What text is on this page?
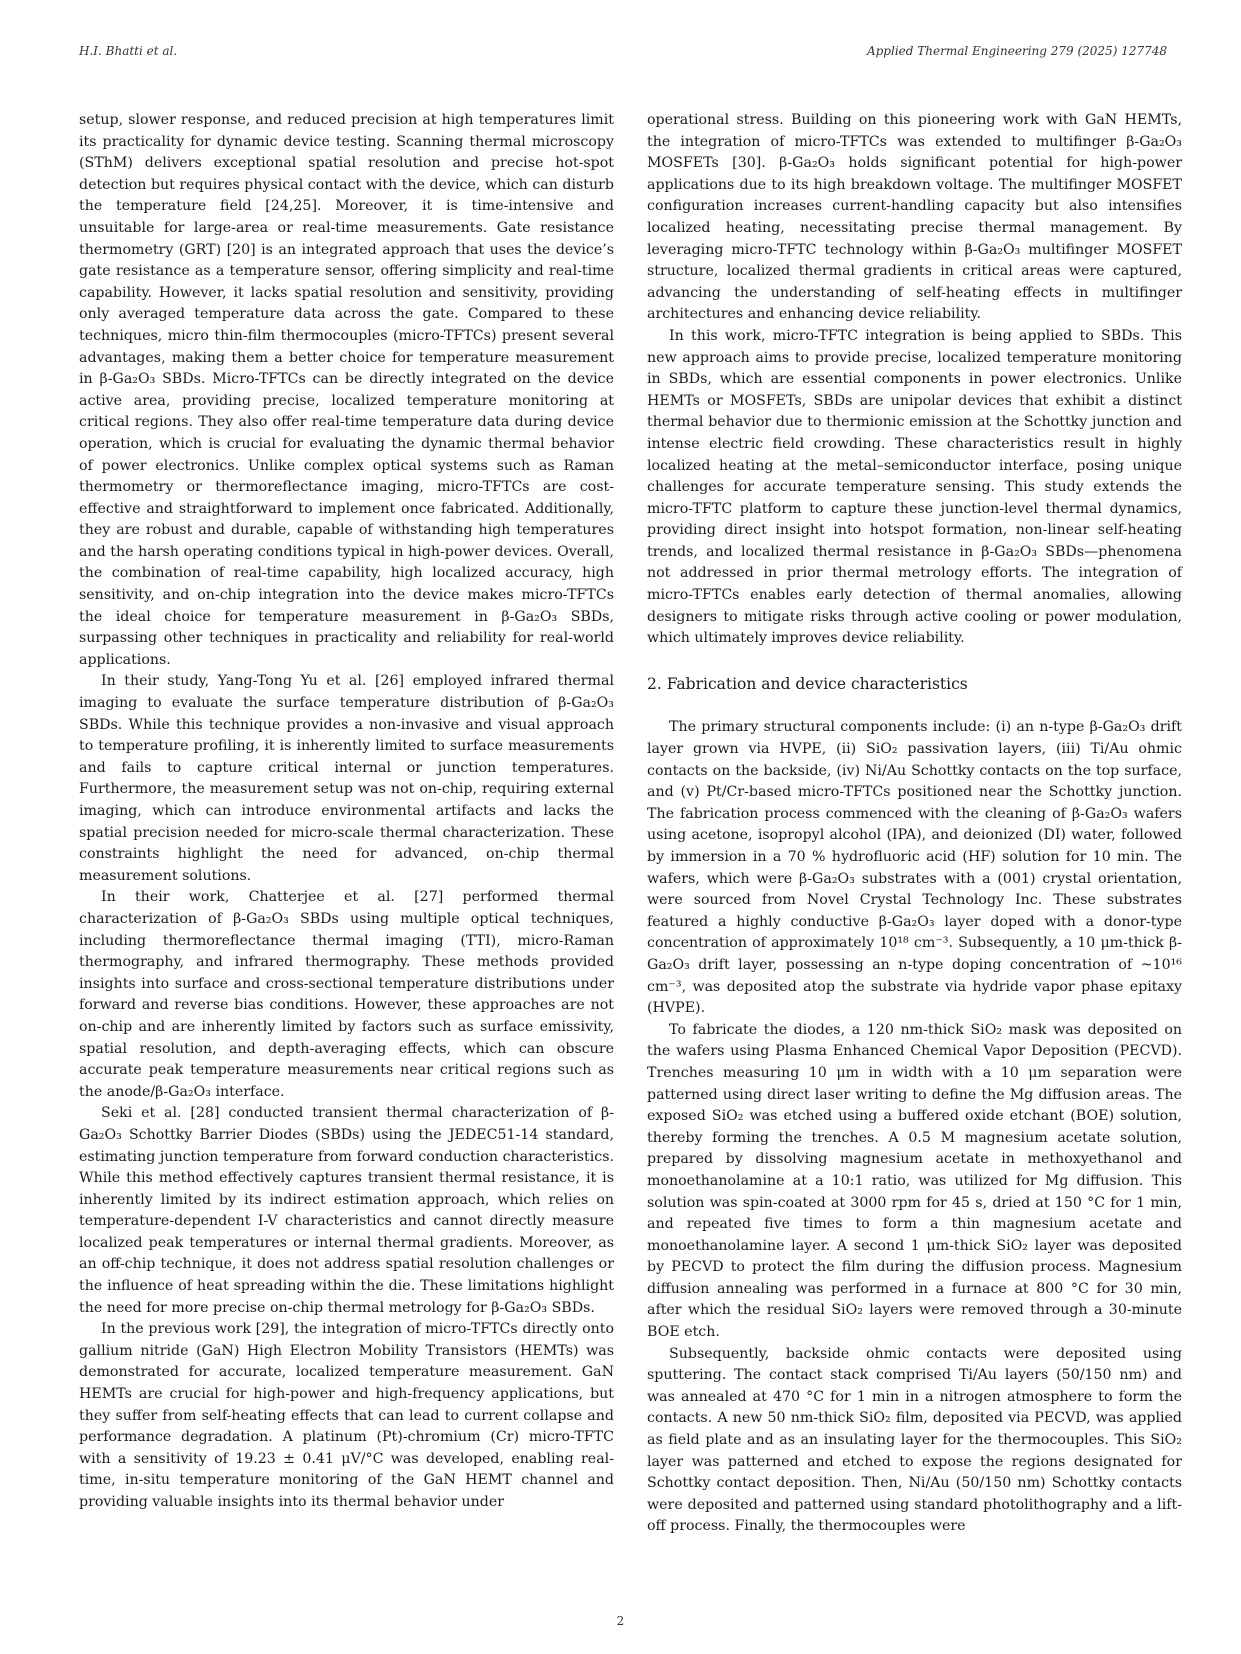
H.I. Bhatti et al.	Applied Thermal Engineering 279 (2025) 127748

setup, slower response, and reduced precision at high temperatures limit its practicality for dynamic device testing. Scanning thermal microscopy (SThM) delivers exceptional spatial resolution and precise hot-spot detection but requires physical contact with the device, which can disturb the temperature field [24,25]. Moreover, it is time-intensive and unsuitable for large-area or real-time measurements. Gate resistance thermometry (GRT) [20] is an integrated approach that uses the device’s gate resistance as a temperature sensor, offering simplicity and real-time capability. However, it lacks spatial resolution and sensitivity, providing only averaged temperature data across the gate. Compared to these techniques, micro thin-film thermocouples (micro-TFTCs) present several advantages, making them a better choice for temperature measurement in β-Ga₂O₃ SBDs. Micro-TFTCs can be directly integrated on the device active area, providing precise, localized temperature monitoring at critical regions. They also offer real-time temperature data during device operation, which is crucial for evaluating the dynamic thermal behavior of power electronics. Unlike complex optical systems such as Raman thermometry or thermoreflectance imaging, micro-TFTCs are cost-effective and straightforward to implement once fabricated. Additionally, they are robust and durable, capable of withstanding high temperatures and the harsh operating conditions typical in high-power devices. Overall, the combination of real-time capability, high localized accuracy, high sensitivity, and on-chip integration into the device makes micro-TFTCs the ideal choice for temperature measurement in β-Ga₂O₃ SBDs, surpassing other techniques in practicality and reliability for real-world applications.

In their study, Yang-Tong Yu et al. [26] employed infrared thermal imaging to evaluate the surface temperature distribution of β-Ga₂O₃ SBDs. While this technique provides a non-invasive and visual approach to temperature profiling, it is inherently limited to surface measurements and fails to capture critical internal or junction temperatures. Furthermore, the measurement setup was not on-chip, requiring external imaging, which can introduce environmental artifacts and lacks the spatial precision needed for micro-scale thermal characterization. These constraints highlight the need for advanced, on-chip thermal measurement solutions.

In their work, Chatterjee et al. [27] performed thermal characterization of β-Ga₂O₃ SBDs using multiple optical techniques, including thermoreflectance thermal imaging (TTI), micro-Raman thermography, and infrared thermography. These methods provided insights into surface and cross-sectional temperature distributions under forward and reverse bias conditions. However, these approaches are not on-chip and are inherently limited by factors such as surface emissivity, spatial resolution, and depth-averaging effects, which can obscure accurate peak temperature measurements near critical regions such as the anode/β-Ga₂O₃ interface.

Seki et al. [28] conducted transient thermal characterization of β-Ga₂O₃ Schottky Barrier Diodes (SBDs) using the JEDEC51-14 standard, estimating junction temperature from forward conduction characteristics. While this method effectively captures transient thermal resistance, it is inherently limited by its indirect estimation approach, which relies on temperature-dependent I-V characteristics and cannot directly measure localized peak temperatures or internal thermal gradients. Moreover, as an off-chip technique, it does not address spatial resolution challenges or the influence of heat spreading within the die. These limitations highlight the need for more precise on-chip thermal metrology for β-Ga₂O₃ SBDs.

In the previous work [29], the integration of micro-TFTCs directly onto gallium nitride (GaN) High Electron Mobility Transistors (HEMTs) was demonstrated for accurate, localized temperature measurement. GaN HEMTs are crucial for high-power and high-frequency applications, but they suffer from self-heating effects that can lead to current collapse and performance degradation. A platinum (Pt)-chromium (Cr) micro-TFTC with a sensitivity of 19.23 ± 0.41 μV/°C was developed, enabling real-time, in-situ temperature monitoring of the GaN HEMT channel and providing valuable insights into its thermal behavior under

operational stress. Building on this pioneering work with GaN HEMTs, the integration of micro-TFTCs was extended to multifinger β-Ga₂O₃ MOSFETs [30]. β-Ga₂O₃ holds significant potential for high-power applications due to its high breakdown voltage. The multifinger MOSFET configuration increases current-handling capacity but also intensifies localized heating, necessitating precise thermal management. By leveraging micro-TFTC technology within β-Ga₂O₃ multifinger MOSFET structure, localized thermal gradients in critical areas were captured, advancing the understanding of self-heating effects in multifinger architectures and enhancing device reliability.

In this work, micro-TFTC integration is being applied to SBDs. This new approach aims to provide precise, localized temperature monitoring in SBDs, which are essential components in power electronics. Unlike HEMTs or MOSFETs, SBDs are unipolar devices that exhibit a distinct thermal behavior due to thermionic emission at the Schottky junction and intense electric field crowding. These characteristics result in highly localized heating at the metal–semiconductor interface, posing unique challenges for accurate temperature sensing. This study extends the micro-TFTC platform to capture these junction-level thermal dynamics, providing direct insight into hotspot formation, non-linear self-heating trends, and localized thermal resistance in β-Ga₂O₃ SBDs—phenomena not addressed in prior thermal metrology efforts. The integration of micro-TFTCs enables early detection of thermal anomalies, allowing designers to mitigate risks through active cooling or power modulation, which ultimately improves device reliability.

2. Fabrication and device characteristics

The primary structural components include: (i) an n-type β-Ga₂O₃ drift layer grown via HVPE, (ii) SiO₂ passivation layers, (iii) Ti/Au ohmic contacts on the backside, (iv) Ni/Au Schottky contacts on the top surface, and (v) Pt/Cr-based micro-TFTCs positioned near the Schottky junction. The fabrication process commenced with the cleaning of β-Ga₂O₃ wafers using acetone, isopropyl alcohol (IPA), and deionized (DI) water, followed by immersion in a 70 % hydrofluoric acid (HF) solution for 10 min. The wafers, which were β-Ga₂O₃ substrates with a (001) crystal orientation, were sourced from Novel Crystal Technology Inc. These substrates featured a highly conductive β-Ga₂O₃ layer doped with a donor-type concentration of approximately 10¹⁸ cm⁻³. Subsequently, a 10 μm-thick β-Ga₂O₃ drift layer, possessing an n-type doping concentration of ~10¹⁶ cm⁻³, was deposited atop the substrate via hydride vapor phase epitaxy (HVPE).

To fabricate the diodes, a 120 nm-thick SiO₂ mask was deposited on the wafers using Plasma Enhanced Chemical Vapor Deposition (PECVD). Trenches measuring 10 μm in width with a 10 μm separation were patterned using direct laser writing to define the Mg diffusion areas. The exposed SiO₂ was etched using a buffered oxide etchant (BOE) solution, thereby forming the trenches. A 0.5 M magnesium acetate solution, prepared by dissolving magnesium acetate in methoxyethanol and monoethanolamine at a 10:1 ratio, was utilized for Mg diffusion. This solution was spin-coated at 3000 rpm for 45 s, dried at 150 °C for 1 min, and repeated five times to form a thin magnesium acetate and monoethanolamine layer. A second 1 μm-thick SiO₂ layer was deposited by PECVD to protect the film during the diffusion process. Magnesium diffusion annealing was performed in a furnace at 800 °C for 30 min, after which the residual SiO₂ layers were removed through a 30-minute BOE etch.

Subsequently, backside ohmic contacts were deposited using sputtering. The contact stack comprised Ti/Au layers (50/150 nm) and was annealed at 470 °C for 1 min in a nitrogen atmosphere to form the contacts. A new 50 nm-thick SiO₂ film, deposited via PECVD, was applied as field plate and as an insulating layer for the thermocouples. This SiO₂ layer was patterned and etched to expose the regions designated for Schottky contact deposition. Then, Ni/Au (50/150 nm) Schottky contacts were deposited and patterned using standard photolithography and a lift-off process. Finally, the thermocouples were

2
